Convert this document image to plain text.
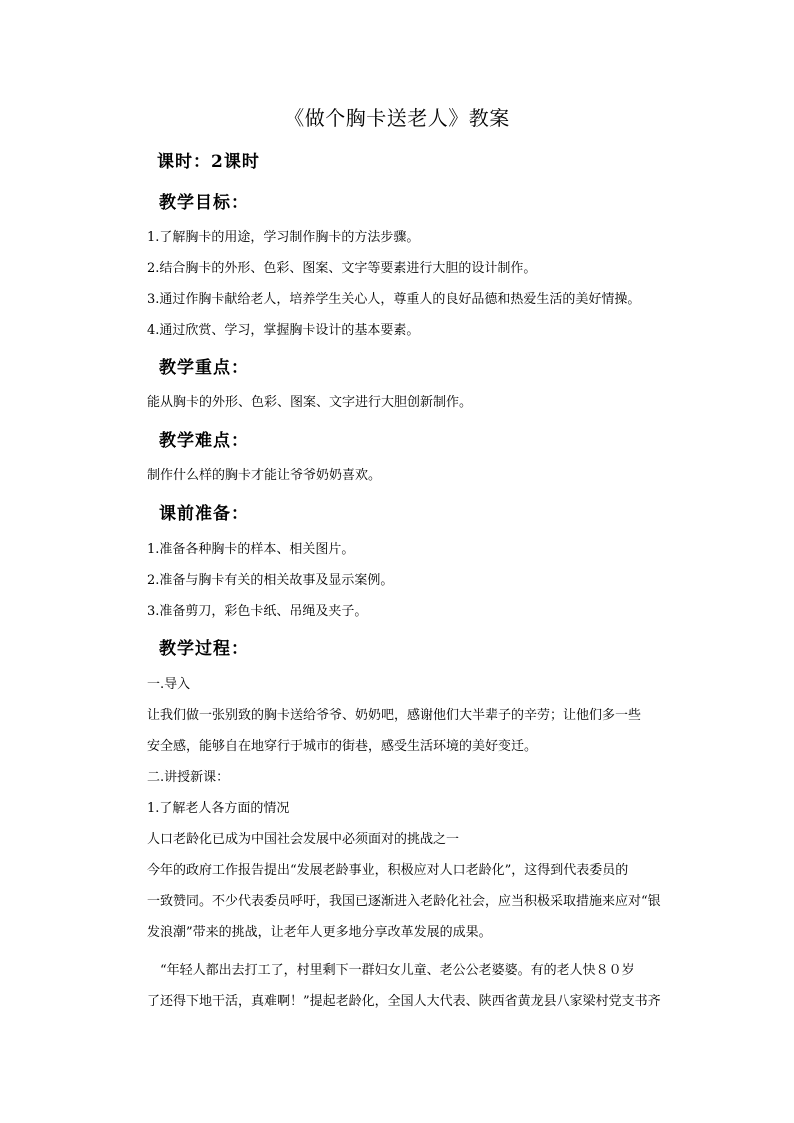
《做个胸卡送老人》教案
课时：2课时
教学目标：
1.了解胸卡的用途，学习制作胸卡的方法步骤。
2.结合胸卡的外形、色彩、图案、文字等要素进行大胆的设计制作。
3.通过作胸卡献给老人，培养学生关心人，尊重人的良好品德和热爱生活的美好情操。
4.通过欣赏、学习，掌握胸卡设计的基本要素。
教学重点：
能从胸卡的外形、色彩、图案、文字进行大胆创新制作。
教学难点：
制作什么样的胸卡才能让爷爷奶奶喜欢。
课前准备：
1.准备各种胸卡的样本、相关图片。
2.准备与胸卡有关的相关故事及显示案例。
3.准备剪刀，彩色卡纸、吊绳及夹子。
教学过程：
一.导入
让我们做一张别致的胸卡送给爷爷、奶奶吧，感谢他们大半辈子的辛劳；让他们多一些
安全感，能够自在地穿行于城市的街巷，感受生活环境的美好变迁。
二.讲授新课：
1.了解老人各方面的情况
人口老龄化已成为中国社会发展中必须面对的挑战之一
今年的政府工作报告提出“发展老龄事业，积极应对人口老龄化”，这得到代表委员的
一致赞同。不少代表委员呼吁，我国已逐渐进入老龄化社会，应当积极采取措施来应对“银
发浪潮”带来的挑战，让老年人更多地分享改革发展的成果。
“年轻人都出去打工了，村里剩下一群妇女儿童、老公公老婆婆。有的老人快８０岁
了还得下地干活，真难啊！”提起老龄化，全国人大代表、陕西省黄龙县八家梁村党支书齐
